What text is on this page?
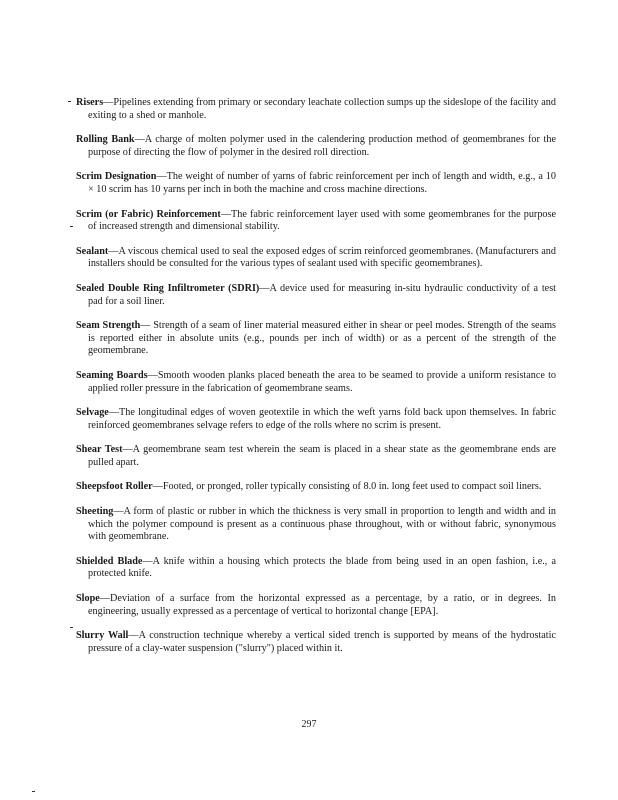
Risers—Pipelines extending from primary or secondary leachate collection sumps up the sideslope of the facility and exiting to a shed or manhole.

Rolling Bank—A charge of molten polymer used in the calendering production method of geomembranes for the purpose of directing the flow of polymer in the desired roll direction.

Scrim Designation—The weight of number of yarns of fabric reinforcement per inch of length and width, e.g., a 10 × 10 scrim has 10 yarns per inch in both the machine and cross machine directions.

Scrim (or Fabric) Reinforcement—The fabric reinforcement layer used with some geomembranes for the purpose of increased strength and dimensional stability.

Sealant—A viscous chemical used to seal the exposed edges of scrim reinforced geomembranes. (Manufacturers and installers should be consulted for the various types of sealant used with specific geomembranes).

Sealed Double Ring Infiltrometer (SDRI)—A device used for measuring in-situ hydraulic conductivity of a test pad for a soil liner.

Seam Strength— Strength of a seam of liner material measured either in shear or peel modes. Strength of the seams is reported either in absolute units (e.g., pounds per inch of width) or as a percent of the strength of the geomembrane.

Seaming Boards—Smooth wooden planks placed beneath the area to be seamed to provide a uniform resistance to applied roller pressure in the fabrication of geomembrane seams.

Selvage—The longitudinal edges of woven geotextile in which the weft yarns fold back upon themselves. In fabric reinforced geomembranes selvage refers to edge of the rolls where no scrim is present.

Shear Test—A geomembrane seam test wherein the seam is placed in a shear state as the geomembrane ends are pulled apart.

Sheepsfoot Roller—Footed, or pronged, roller typically consisting of 8.0 in. long feet used to compact soil liners.

Sheeting—A form of plastic or rubber in which the thickness is very small in proportion to length and width and in which the polymer compound is present as a continuous phase throughout, with or without fabric, synonymous with geomembrane.

Shielded Blade—A knife within a housing which protects the blade from being used in an open fashion, i.e., a protected knife.

Slope—Deviation of a surface from the horizontal expressed as a percentage, by a ratio, or in degrees. In engineering, usually expressed as a percentage of vertical to horizontal change [EPA].

Slurry Wall—A construction technique whereby a vertical sided trench is supported by means of the hydrostatic pressure of a clay-water suspension ("slurry") placed within it.

297
